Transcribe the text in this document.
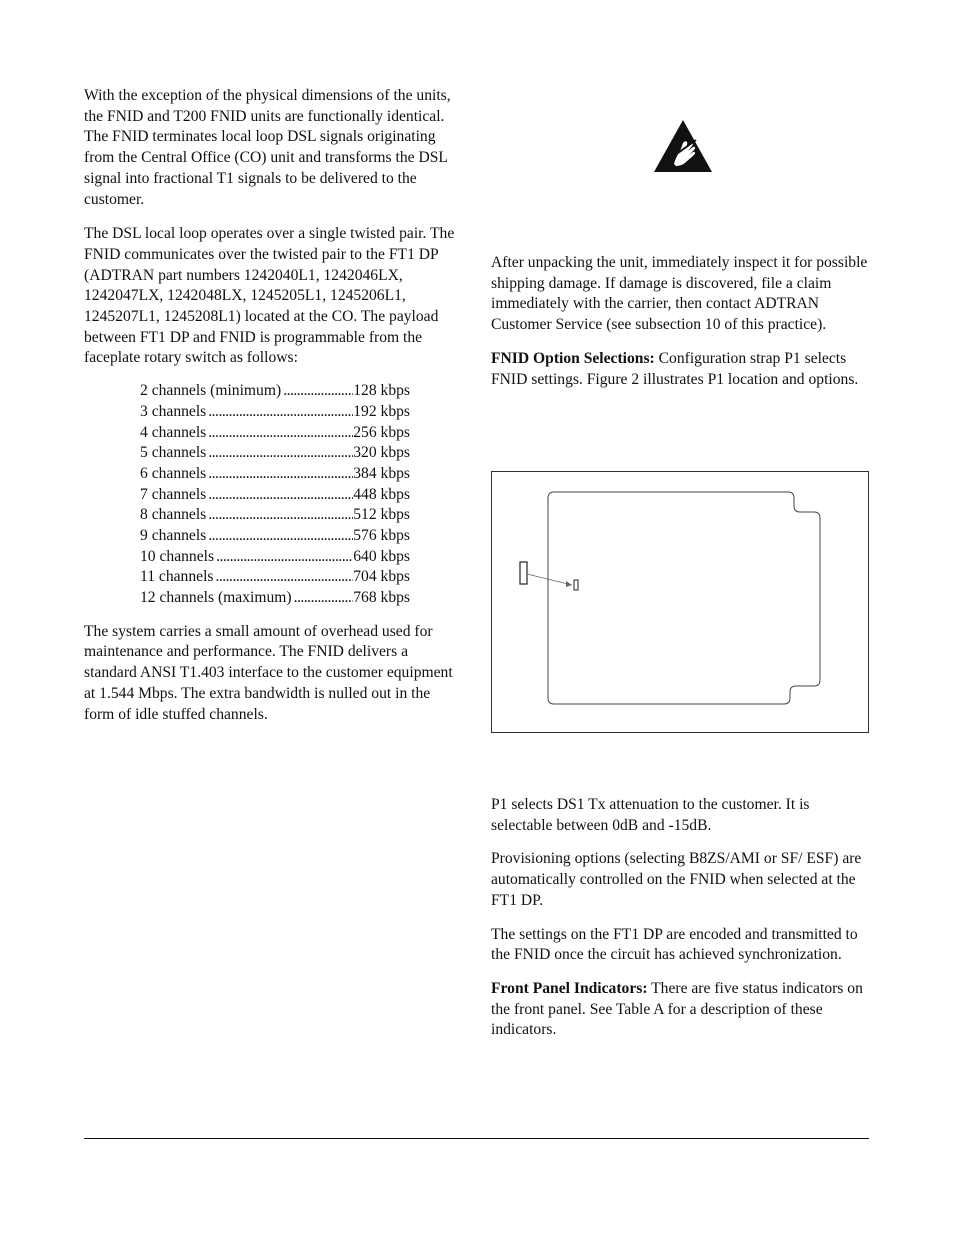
With the exception of the physical dimensions of the units, the FNID and T200 FNID units are functionally identical. The FNID terminates local loop DSL signals originating from the Central Office (CO) unit and transforms the DSL signal into fractional T1 signals to be delivered to the customer.

The DSL local loop operates over a single twisted pair. The FNID communicates over the twisted pair to the FT1 DP (ADTRAN part numbers 1242040L1, 1242046LX, 1242047LX, 1242048LX, 1245205L1, 1245206L1, 1245207L1, 1245208L1) located at the CO. The payload between FT1 DP and FNID is programmable from the faceplate rotary switch as follows:

2 channels (minimum) . . .	128 kbps
3 channels . . .	192 kbps
4 channels . . .	256 kbps
5 channels . . .	320 kbps
6 channels . . .	384 kbps
7 channels . . .	448 kbps
8 channels . . .	512 kbps
9 channels . . .	576 kbps
10 channels . . .	640 kbps
11 channels . . .	704 kbps
12 channels (maximum) . . .	768 kbps

The system carries a small amount of overhead used for maintenance and performance. The FNID delivers a standard ANSI T1.403 interface to the customer equipment at 1.544 Mbps. The extra bandwidth is nulled out in the form of idle stuffed channels.

After unpacking the unit, immediately inspect it for possible shipping damage. If damage is discovered, file a claim immediately with the carrier, then contact ADTRAN Customer Service (see subsection 10 of this practice).

FNID Option Selections: Configuration strap P1 selects FNID settings. Figure 2 illustrates P1 location and options.

P1 selects DS1 Tx attenuation to the customer. It is selectable between 0dB and -15dB.

Provisioning options (selecting B8ZS/AMI or SF/ ESF) are automatically controlled on the FNID when selected at the FT1 DP.

The settings on the FT1 DP are encoded and transmitted to the FNID once the circuit has achieved synchronization.

Front Panel Indicators: There are five status indicators on the front panel. See Table A for a description of these indicators.
